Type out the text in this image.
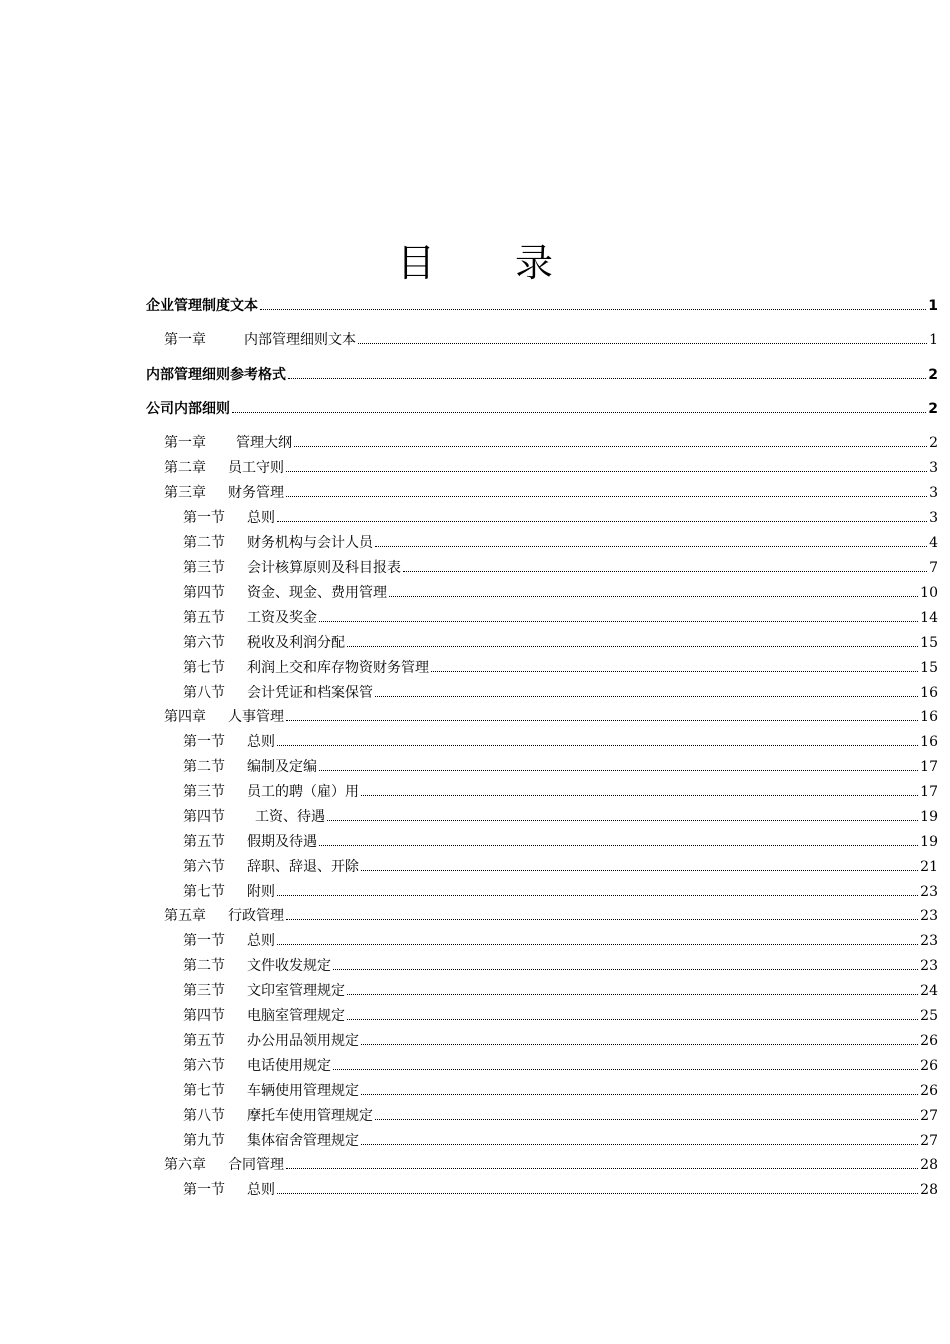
目 录
企业管理制度文本	1
第一章	内部管理细则文本	1
内部管理细则参考格式	2
公司内部细则	2
第一章	管理大纲	2
第二章	员工守则	3
第三章	财务管理	3
第一节	总则	3
第二节	财务机构与会计人员	4
第三节	会计核算原则及科目报表	7
第四节	资金、现金、费用管理	10
第五节	工资及奖金	14
第六节	税收及利润分配	15
第七节	利润上交和库存物资财务管理	15
第八节	会计凭证和档案保管	16
第四章	人事管理	16
第一节	总则	16
第二节	编制及定编	17
第三节	员工的聘（雇）用	17
第四节	工资、待遇	19
第五节	假期及待遇	19
第六节	辞职、辞退、开除	21
第七节	附则	23
第五章	行政管理	23
第一节	总则	23
第二节	文件收发规定	23
第三节	文印室管理规定	24
第四节	电脑室管理规定	25
第五节	办公用品领用规定	26
第六节	电话使用规定	26
第七节	车辆使用管理规定	26
第八节	摩托车使用管理规定	27
第九节	集体宿舍管理规定	27
第六章	合同管理	28
第一节	总则	28
